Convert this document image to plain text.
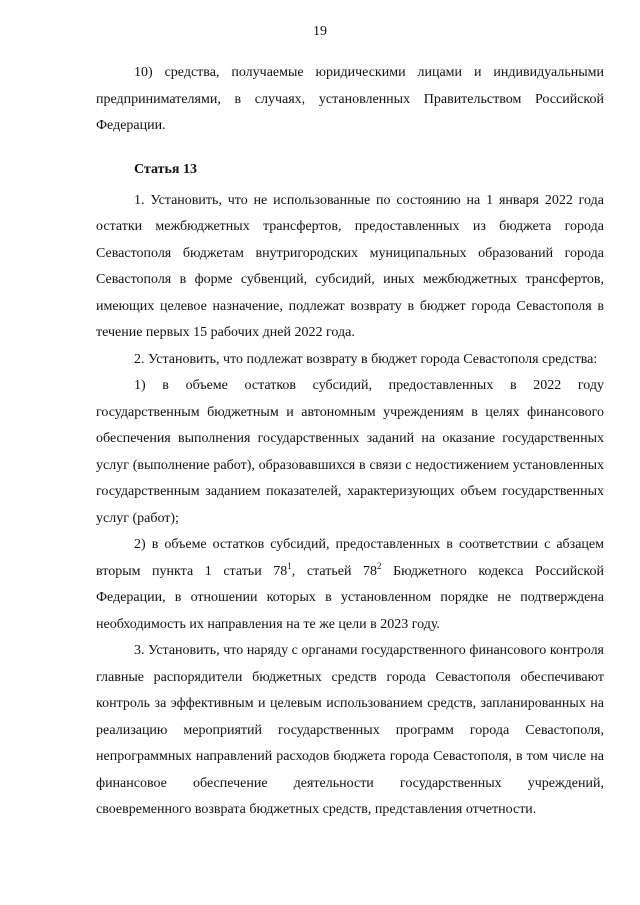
19

10) средства, получаемые юридическими лицами и индивидуальными предпринимателями, в случаях, установленных Правительством Российской Федерации.

Статья 13

1. Установить, что не использованные по состоянию на 1 января 2022 года остатки межбюджетных трансфертов, предоставленных из бюджета города Севастополя бюджетам внутригородских муниципальных образований города Севастополя в форме субвенций, субсидий, иных межбюджетных трансфертов, имеющих целевое назначение, подлежат возврату в бюджет города Севастополя в течение первых 15 рабочих дней 2022 года.

2. Установить, что подлежат возврату в бюджет города Севастополя средства:

1) в объеме остатков субсидий, предоставленных в 2022 году государственным бюджетным и автономным учреждениям в целях финансового обеспечения выполнения государственных заданий на оказание государственных услуг (выполнение работ), образовавшихся в связи с недостижением установленных государственным заданием показателей, характеризующих объем государственных услуг (работ);

2) в объеме остатков субсидий, предоставленных в соответствии с абзацем вторым пункта 1 статьи $78^1$, статьей $78^2$ Бюджетного кодекса Российской Федерации, в отношении которых в установленном порядке не подтверждена необходимость их направления на те же цели в 2023 году.

3. Установить, что наряду с органами государственного финансового контроля главные распорядители бюджетных средств города Севастополя обеспечивают контроль за эффективным и целевым использованием средств, запланированных на реализацию мероприятий государственных программ города Севастополя, непрограммных направлений расходов бюджета города Севастополя, в том числе на финансовое обеспечение деятельности государственных учреждений, своевременного возврата бюджетных средств, представления отчетности.
